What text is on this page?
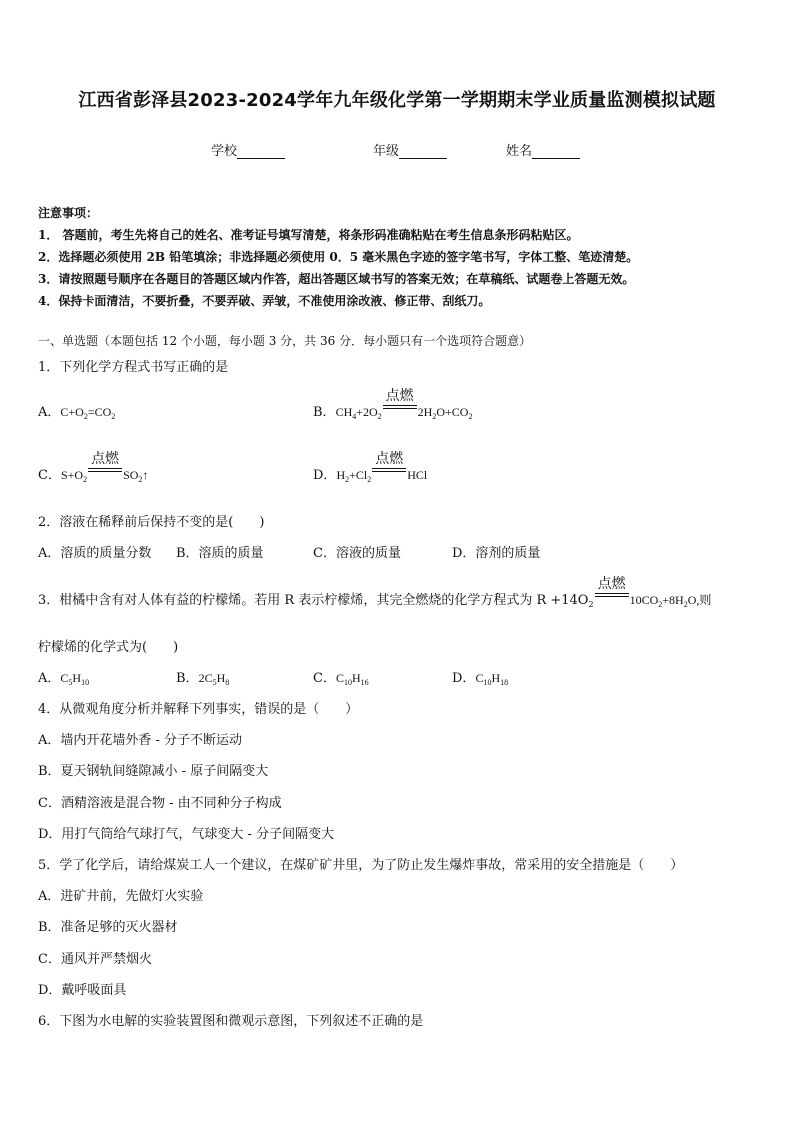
江西省彭泽县2023-2024学年九年级化学第一学期期末学业质量监测模拟试题
学校	年级	姓名
注意事项：
1． 答题前，考生先将自己的姓名、准考证号填写清楚，将条形码准确粘贴在考生信息条形码粘贴区。
2．选择题必须使用 2B 铅笔填涂；非选择题必须使用 0．5 毫米黑色字迹的签字笔书写，字体工整、笔迹清楚。
3．请按照题号顺序在各题目的答题区域内作答，超出答题区域书写的答案无效；在草稿纸、试题卷上答题无效。
4．保持卡面清洁，不要折叠，不要弄破、弄皱，不准使用涂改液、修正带、刮纸刀。
一、单选题（本题包括 12 个小题，每小题 3 分，共 36 分．每小题只有一个选项符合题意）
1．下列化学方程式书写正确的是
A．$C+O_2=CO_2$	B．$CH_4+2O_2$
点燃
$2H_2O+CO_2$
C．$S+O_2$
点燃
$SO_2↑$	D．$H_2+Cl_2$
点燃
HCl
2．溶液在稀释前后保持不变的是(　　)
A．溶质的质量分数 B．溶质的质量	C．溶液的质量	D．溶剂的质量
3．柑橘中含有对人体有益的柠檬烯。若用 R 表示柠檬烯，其完全燃烧的化学方程式为 $R +14O_2$
点燃
$10CO_2+8H_2O$,则
柠檬烯的化学式为(　　)
A．$C_5H_{10}$	B．$2C_5H_8$	C．$C_{10}H_{16}$	D．$C_{10}H_{18}$
4．从微观角度分析并解释下列事实，错误的是（　　）
A．墙内开花墙外香 - 分子不断运动
B．夏天钢轨间缝隙减小 - 原子间隔变大
C．酒精溶液是混合物 - 由不同种分子构成
D．用打气筒给气球打气，气球变大 - 分子间隔变大
5．学了化学后，请给煤炭工人一个建议，在煤矿矿井里，为了防止发生爆炸事故，常采用的安全措施是（　　）
A．进矿井前，先做灯火实验
B．准备足够的灭火器材
C．通风并严禁烟火
D．戴呼吸面具
6．下图为水电解的实验装置图和微观示意图，下列叙述不正确的是
